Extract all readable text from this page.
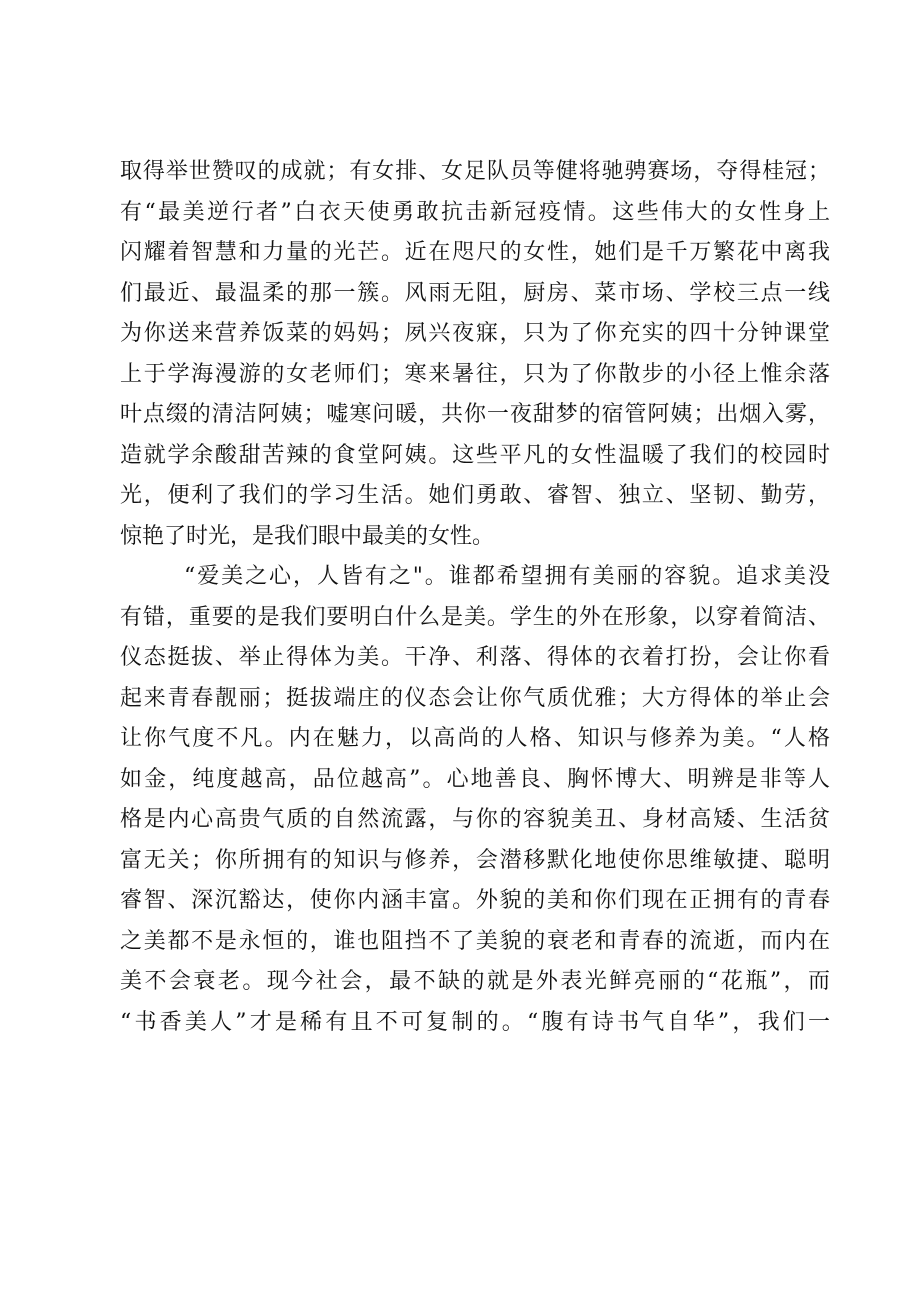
取得举世赞叹的成就；有女排、女足队员等健将驰骋赛场，夺得桂冠；
有“最美逆行者”白衣天使勇敢抗击新冠疫情。这些伟大的女性身上
闪耀着智慧和力量的光芒。近在咫尺的女性，她们是千万繁花中离我
们最近、最温柔的那一簇。风雨无阻，厨房、菜市场、学校三点一线
为你送来营养饭菜的妈妈；夙兴夜寐，只为了你充实的四十分钟课堂
上于学海漫游的女老师们；寒来暑往，只为了你散步的小径上惟余落
叶点缀的清洁阿姨；嘘寒问暖，共你一夜甜梦的宿管阿姨；出烟入雾，
造就学余酸甜苦辣的食堂阿姨。这些平凡的女性温暖了我们的校园时
光，便利了我们的学习生活。她们勇敢、睿智、独立、坚韧、勤劳，
惊艳了时光，是我们眼中最美的女性。
“爱美之心，人皆有之"。谁都希望拥有美丽的容貌。追求美没
有错，重要的是我们要明白什么是美。学生的外在形象，以穿着简洁、
仪态挺拔、举止得体为美。干净、利落、得体的衣着打扮，会让你看
起来青春靓丽；挺拔端庄的仪态会让你气质优雅；大方得体的举止会
让你气度不凡。内在魅力，以高尚的人格、知识与修养为美。“人格
如金，纯度越高，品位越高”。心地善良、胸怀博大、明辨是非等人
格是内心高贵气质的自然流露，与你的容貌美丑、身材高矮、生活贫
富无关；你所拥有的知识与修养，会潜移默化地使你思维敏捷、聪明
睿智、深沉豁达，使你内涵丰富。外貌的美和你们现在正拥有的青春
之美都不是永恒的，谁也阻挡不了美貌的衰老和青春的流逝，而内在
美不会衰老。现今社会，最不缺的就是外表光鲜亮丽的“花瓶”，而
“书香美人”才是稀有且不可复制的。“腹有诗书气自华”，我们一
